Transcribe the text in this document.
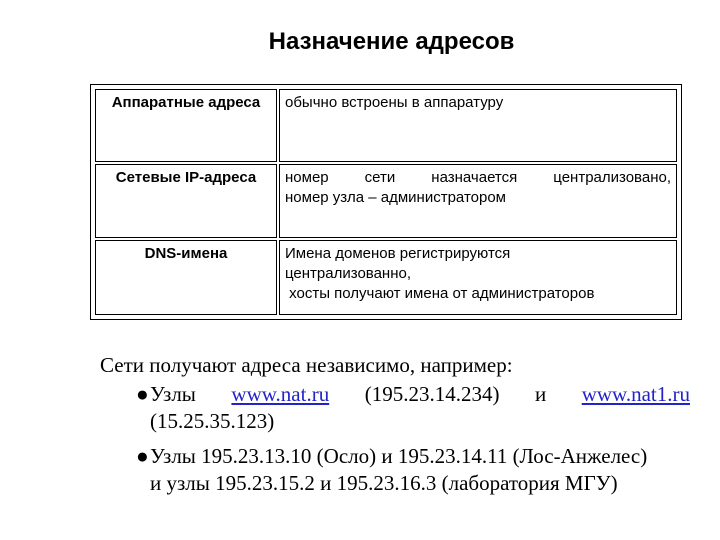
Назначение адресов
Аппаратные адреса	обычно встроены в аппаратуру

Сетевые IP-адреса	номер сети назначается централизовано,
номер узла – администратором

DNS-имена	Имена доменов регистрируются
централизованно,
хосты получают имена от администраторов
Сети получают адреса независимо, например:
● Узлы www.nat.ru (195.23.14.234) и www.nat1.ru
(15.25.35.123)
● Узлы 195.23.13.10 (Осло) и 195.23.14.11 (Лос-Анжелес)
и узлы 195.23.15.2 и 195.23.16.3 (лаборатория МГУ)
